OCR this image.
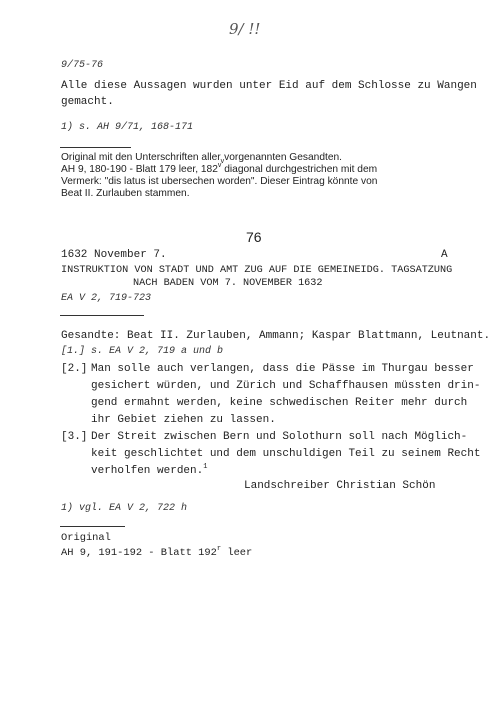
9/ !!
9/75-76
Alle diese Aussagen wurden unter Eid auf dem Schlosse zu Wangen
gemacht.
1) s. AH 9/71, 168-171
Original mit den Unterschriften aller$_v$vorgenannten Gesandten.
AH 9, 180-190 - Blatt 179 leer, 182$^v$ diagonal durchgestrichen mit dem
Vermerk: "dis latus ist ubersechen worden". Dieser Eintrag könnte von
Beat II. Zurlauben stammen.
76
1632 November 7.	A
INSTRUKTION VON STADT UND AMT ZUG AUF DIE GEMEINEIDG. TAGSATZUNG
NACH BADEN VOM 7. NOVEMBER 1632
EA V 2, 719-723
Gesandte: Beat II. Zurlauben, Ammann; Kaspar Blattmann, Leutnant.
[1.] s. EA V 2, 719 a und b
[2.] Man solle auch verlangen, dass die Pässe im Thurgau besser
gesichert würden, und Zürich und Schaffhausen müssten drin-
gend ermahnt werden, keine schwedischen Reiter mehr durch
ihr Gebiet ziehen zu lassen.
[3.] Der Streit zwischen Bern und Solothurn soll nach Möglich-
keit geschlichtet und dem unschuldigen Teil zu seinem Recht
verholfen werden.$^1$
Landschreiber Christian Schön
1) vgl. EA V 2, 722 h
Original
AH 9, 191-192 - Blatt 192$^r$ leer
